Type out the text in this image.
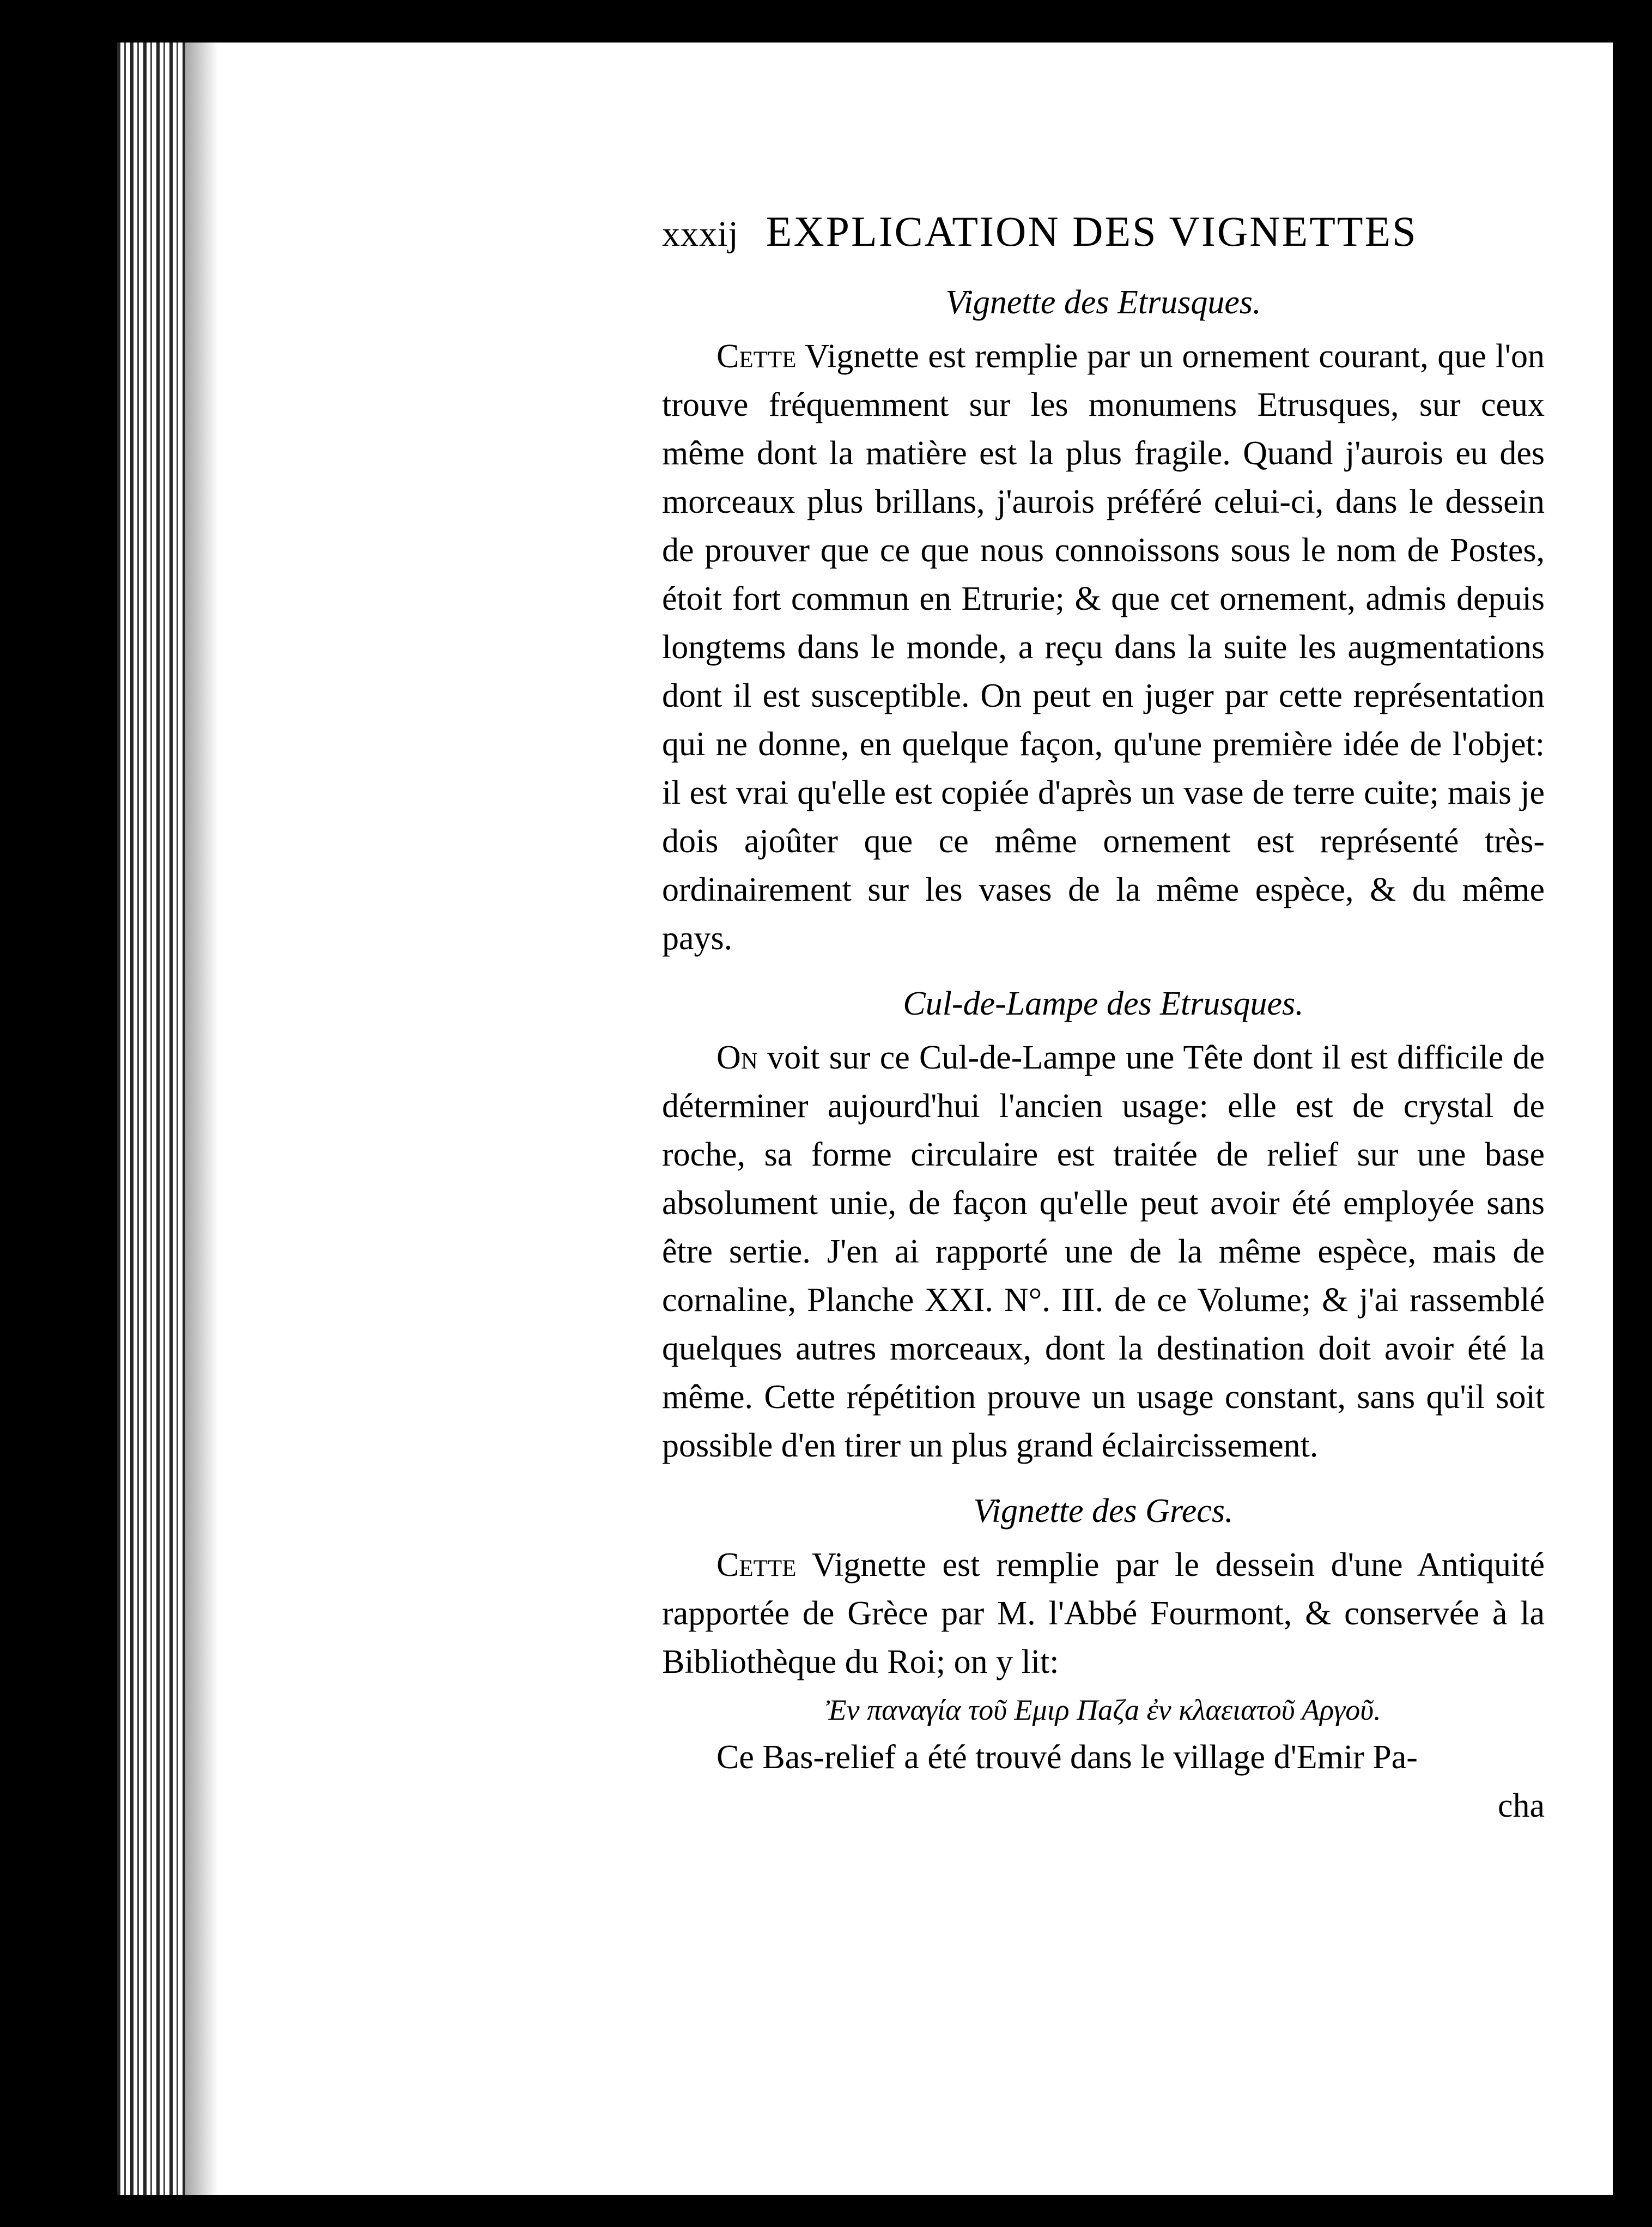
xxxij EXPLICATION DES VIGNETTES
Vignette des Etrusques.

Cette Vignette est remplie par un ornement courant, que l'on trouve fréquemment sur les monumens Etrusques, sur ceux même dont la matière est la plus fragile. Quand j'aurois eu des morceaux plus brillans, j'aurois préféré celui-ci, dans le dessein de prouver que ce que nous connoissons sous le nom de Postes, étoit fort commun en Etrurie; & que cet ornement, admis depuis longtems dans le monde, a reçu dans la suite les augmentations dont il est susceptible. On peut en juger par cette représentation qui ne donne, en quelque façon, qu'une première idée de l'objet: il est vrai qu'elle est copiée d'après un vase de terre cuite; mais je dois ajoûter que ce même ornement est représenté très-ordinairement sur les vases de la même espèce, & du même pays.

Cul-de-Lampe des Etrusques.

On voit sur ce Cul-de-Lampe une Tête dont il est difficile de déterminer aujourd'hui l'ancien usage: elle est de crystal de roche, sa forme circulaire est traitée de relief sur une base absolument unie, de façon qu'elle peut avoir été employée sans être sertie. J'en ai rapporté une de la même espèce, mais de cornaline, Planche XXI. N°. III. de ce Volume; & j'ai rassemblé quelques autres morceaux, dont la destination doit avoir été la même. Cette répétition prouve un usage constant, sans qu'il soit possible d'en tirer un plus grand éclaircissement.

Vignette des Grecs.

Cette Vignette est remplie par le dessein d'une Antiquité rapportée de Grèce par M. l'Abbé Fourmont, & conservée à la Bibliothèque du Roi; on y lit:

Ἐν παναγία τοῦ Εμιρ Πaζa ἐν κλαειατοῦ Αργοῦ.

Ce Bas-relief a été trouvé dans le village d'Emir Pa-

cha
